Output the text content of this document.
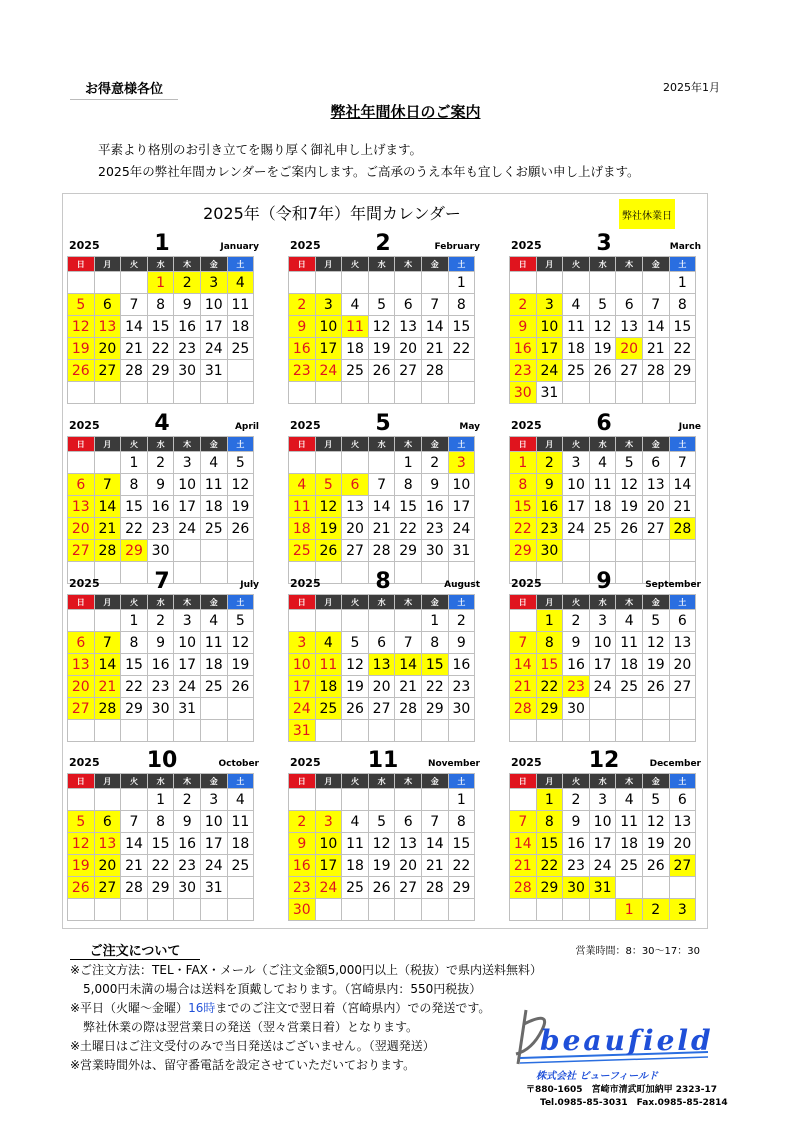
お得意様各位	2025年1月
弊社年間休日のご案内
平素より格別のお引き立てを賜り厚く御礼申し上げます。
2025年の弊社年間カレンダーをご案内します。ご高承のうえ本年も宜しくお願い申し上げます。
2025年（令和7年）年間カレンダー	弊社休業日
2025	1	January
日	月	火	水	木	金	土
			1	2	3	4
5	6	7	8	9	10	11
12	13	14	15	16	17	18
19	20	21	22	23	24	25
26	27	28	29	30	31	

2025	2	February
日	月	火	水	木	金	土
						1
2	3	4	5	6	7	8
9	10	11	12	13	14	15
16	17	18	19	20	21	22
23	24	25	26	27	28	

2025	3	March
日	月	火	水	木	金	土
						1
2	3	4	5	6	7	8
9	10	11	12	13	14	15
16	17	18	19	20	21	22
23	24	25	26	27	28	29
30	31					
2025	4	April
日	月	火	水	木	金	土
		1	2	3	4	5
6	7	8	9	10	11	12
13	14	15	16	17	18	19
20	21	22	23	24	25	26
27	28	29	30			

2025	5	May
日	月	火	水	木	金	土
				1	2	3
4	5	6	7	8	9	10
11	12	13	14	15	16	17
18	19	20	21	22	23	24
25	26	27	28	29	30	31

2025	6	June
日	月	火	水	木	金	土
1	2	3	4	5	6	7
8	9	10	11	12	13	14
15	16	17	18	19	20	21
22	23	24	25	26	27	28
29	30					

2025	7	July
日	月	火	水	木	金	土
		1	2	3	4	5
6	7	8	9	10	11	12
13	14	15	16	17	18	19
20	21	22	23	24	25	26
27	28	29	30	31		

2025	8	August
日	月	火	水	木	金	土
					1	2
3	4	5	6	7	8	9
10	11	12	13	14	15	16
17	18	19	20	21	22	23
24	25	26	27	28	29	30
31						
2025	9	September
日	月	火	水	木	金	土
	1	2	3	4	5	6
7	8	9	10	11	12	13
14	15	16	17	18	19	20
21	22	23	24	25	26	27
28	29	30				

2025	10	October
日	月	火	水	木	金	土
			1	2	3	4
5	6	7	8	9	10	11
12	13	14	15	16	17	18
19	20	21	22	23	24	25
26	27	28	29	30	31	

2025	11	November
日	月	火	水	木	金	土
						1
2	3	4	5	6	7	8
9	10	11	12	13	14	15
16	17	18	19	20	21	22
23	24	25	26	27	28	29
30						
2025	12	December
日	月	火	水	木	金	土
	1	2	3	4	5	6
7	8	9	10	11	12	13
14	15	16	17	18	19	20
21	22	23	24	25	26	27
28	29	30	31			
				1	2	3
ご注文について	営業時間：8：30〜17：30
※ご注文方法：TEL・FAX・メール（ご注文金額5,000円以上（税抜）で県内送料無料）
5,000円未満の場合は送料を頂戴しております。（宮崎県内：550円税抜）
※平日（火曜〜金曜）16時までのご注文で翌日着（宮崎県内）での発送です。
弊社休業の際は翌営業日の発送（翌々営業日着）となります。
※土曜日はご注文受付のみで当日発送はございません。（翌週発送）
※営業時間外は、留守番電話を設定させていただいております。
beaufield
株式会社 ビューフィールド
〒880-1605　宮崎市清武町加納甲 2323-17
Tel.0985-85-3031　Fax.0985-85-2814
